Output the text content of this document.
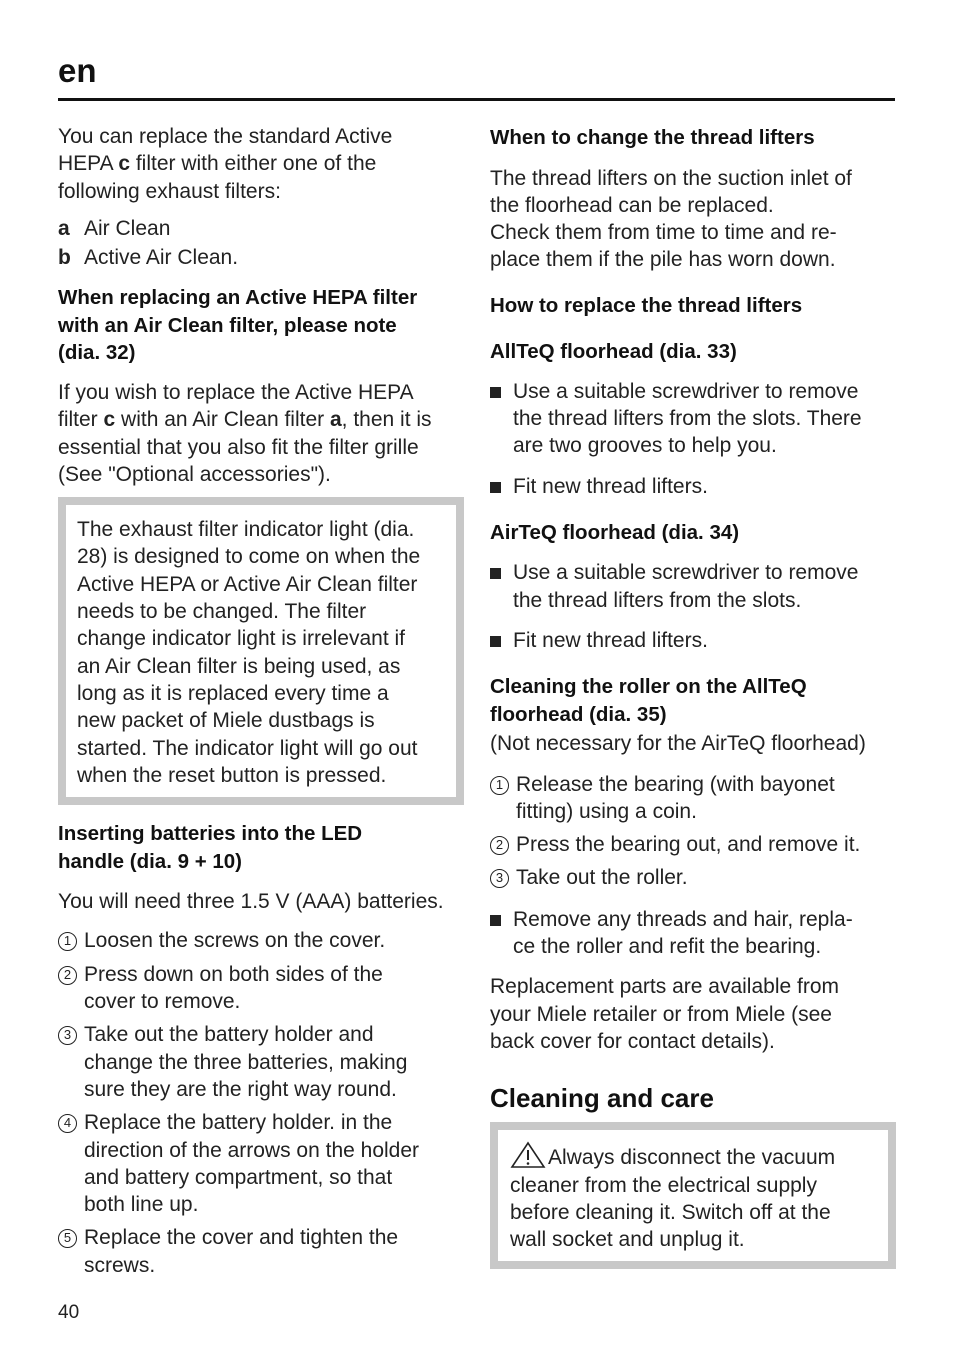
en

You can replace the standard Active
HEPA c filter with either one of the
following exhaust filters:

a Air Clean
b Active Air Clean.
When replacing an Active HEPA filter
with an Air Clean filter, please note
(dia. 32)

If you wish to replace the Active HEPA
filter c with an Air Clean filter a, then it is
essential that you also fit the filter grille
(See "Optional accessories").

The exhaust filter indicator light (dia.
28) is designed to come on when the
Active HEPA or Active Air Clean filter
needs to be changed. The filter
change indicator light is irrelevant if
an Air Clean filter is being used, as
long as it is replaced every time a
new packet of Miele dustbags is
started. The indicator light will go out
when the reset button is pressed.

Inserting batteries into the LED
handle (dia. 9 + 10)

You will need three 1.5 V (AAA) batteries.

1 Loosen the screws on the cover.
2 Press down on both sides of the
cover to remove.
3 Take out the battery holder and
change the three batteries, making
sure they are the right way round.
4 Replace the battery holder. in the
direction of the arrows on the holder
and battery compartment, so that
both line up.
5 Replace the cover and tighten the
screws.
When to change the thread lifters

The thread lifters on the suction inlet of
the floorhead can be replaced.
Check them from time to time and re-
place them if the pile has worn down.

How to replace the thread lifters
AllTeQ floorhead (dia. 33)
Use a suitable screwdriver to remove
the thread lifters from the slots. There
are two grooves to help you.
Fit new thread lifters.
AirTeQ floorhead (dia. 34)
Use a suitable screwdriver to remove
the thread lifters from the slots.
Fit new thread lifters.
Cleaning the roller on the AllTeQ
floorhead (dia. 35)

(Not necessary for the AirTeQ floorhead)

1 Release the bearing (with bayonet
fitting) using a coin.
2 Press the bearing out, and remove it.
3 Take out the roller.
Remove any threads and hair, repla-
ce the roller and refit the bearing.

Replacement parts are available from
your Miele retailer or from Miele (see
back cover for contact details).

Cleaning and care

Always disconnect the vacuum
cleaner from the electrical supply
before cleaning it. Switch off at the
wall socket and unplug it.

40
